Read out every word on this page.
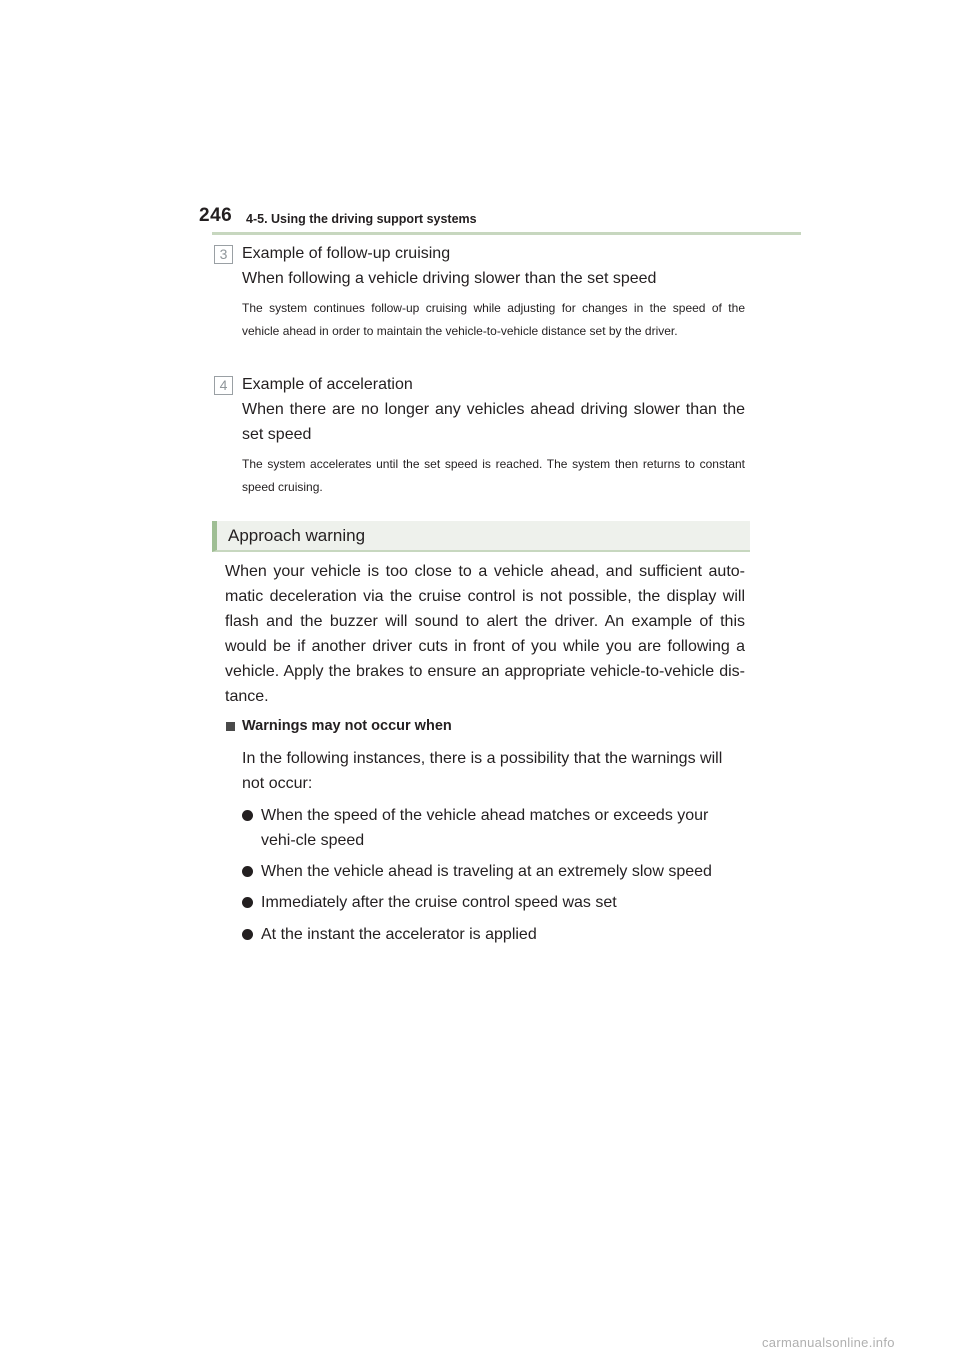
246 4-5. Using the driving support systems
3 Example of follow-up cruising

When following a vehicle driving slower than the set speed

The system continues follow-up cruising while adjusting for changes in the speed of the vehicle ahead in order to maintain the vehicle-to-vehicle distance set by the driver.

4 Example of acceleration

When there are no longer any vehicles ahead driving slower than the set speed

The system accelerates until the set speed is reached. The system then returns to constant speed cruising.

Approach warning

When your vehicle is too close to a vehicle ahead, and sufficient auto-matic deceleration via the cruise control is not possible, the display will flash and the buzzer will sound to alert the driver. An example of this would be if another driver cuts in front of you while you are following a vehicle. Apply the brakes to ensure an appropriate vehicle-to-vehicle dis-tance.

Warnings may not occur when

In the following instances, there is a possibility that the warnings will not occur:

When the speed of the vehicle ahead matches or exceeds your vehi-cle speed

When the vehicle ahead is traveling at an extremely slow speed

Immediately after the cruise control speed was set

At the instant the accelerator is applied

carmanualsonline.info
